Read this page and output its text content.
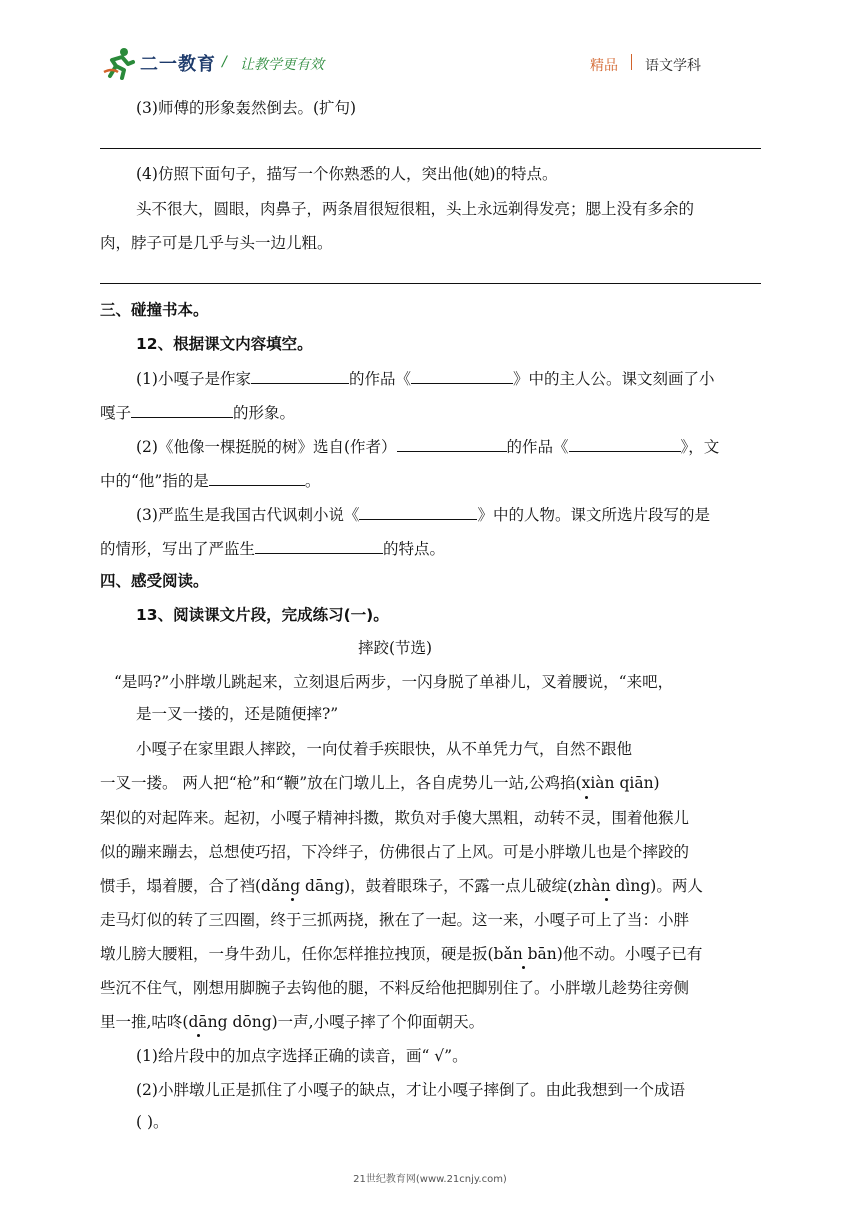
二一教育 / 让教学更有效	精品 语文学科
(3)师傅的形象轰然倒去。(扩句)
(4)仿照下面句子，描写一个你熟悉的人，突出他(她)的特点。
头不很大，圆眼，肉鼻子，两条眉很短很粗，头上永远剃得发亮；腮上没有多余的
肉，脖子可是几乎与头一边儿粗。
三、碰撞书本。
12、根据课文内容填空。
(1)小嘎子是作家	的作品《	》中的主人公。课文刻画了小
嘎子	的形象。
(2)《他像一棵挺脱的树》选自(作者）	的作品《	》，文
中的“他”指的是	。
(3)严监生是我国古代讽刺小说《	》中的人物。课文所选片段写的是
的情形，写出了严监生	的特点。
四、感受阅读。
13、阅读课文片段，完成练习(一)。
摔跤(节选)
“是吗?”小胖墩儿跳起来，立刻退后两步，一闪身脱了单褂儿，叉着腰说，“来吧，
是一叉一搂的，还是随便摔?”
小嘎子在家里跟人摔跤，一向仗着手疾眼快，从不单凭力气，自然不跟他
一叉一搂。 两人把“枪”和“鞭”放在门墩儿上，各自虎势儿一站,公鸡掐(xiàn qiān)
架似的对起阵来。起初，小嘎子精神抖擞，欺负对手傻大黑粗，动转不灵，围着他猴儿
似的蹦来蹦去，总想使巧招，下冷绊子，仿佛很占了上风。可是小胖墩儿也是个摔跤的
惯手，塌着腰，合了裆(dǎng dāng)，鼓着眼珠子，不露一点儿破绽(zhàn dìng)。两人
走马灯似的转了三四圈，终于三抓两挠，揪在了一起。这一来，小嘎子可上了当：小胖
墩儿膀大腰粗，一身牛劲儿，任你怎样推拉拽顶，硬是扳(bǎn bān)他不动。小嘎子已有
些沉不住气，刚想用脚腕子去钩他的腿，不料反给他把脚别住了。小胖墩儿趁势往旁侧
里一推,咕咚(dāng dōng)一声,小嘎子摔了个仰面朝天。
(1)给片段中的加点字选择正确的读音，画“ √”。
(2)小胖墩儿正是抓住了小嘎子的缺点，才让小嘎子摔倒了。由此我想到一个成语
( )。
21世纪教育网(www.21cnjy.com)
